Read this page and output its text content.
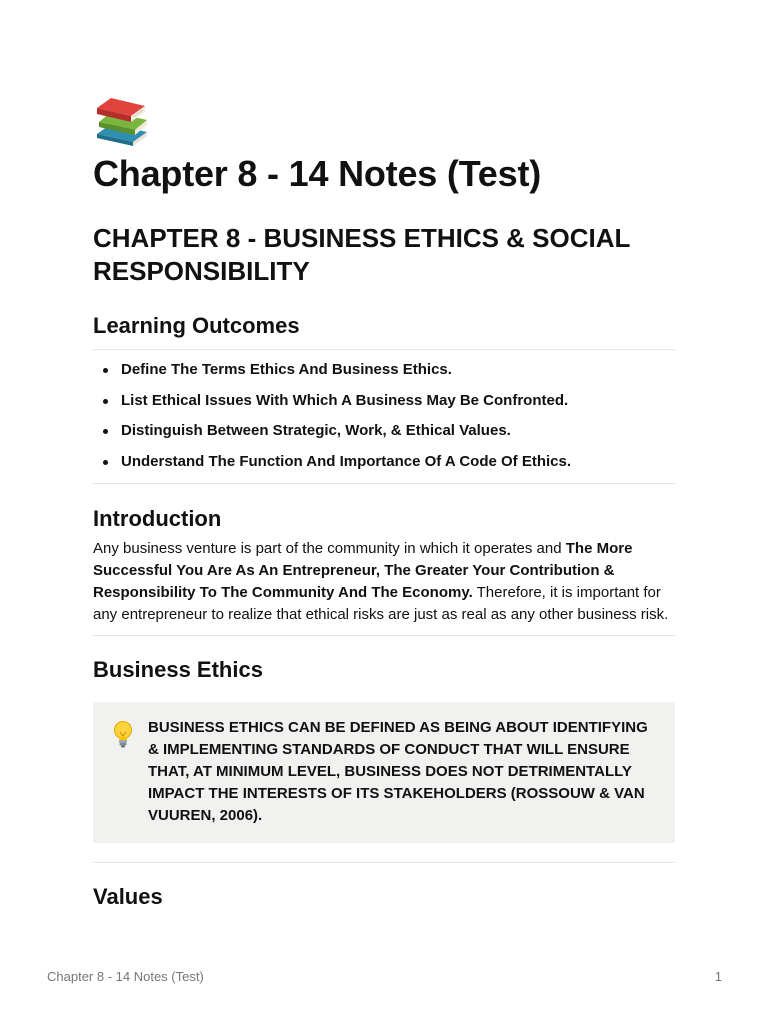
Chapter 8 - 14 Notes (Test)
CHAPTER 8 - BUSINESS ETHICS & SOCIAL RESPONSIBILITY
Learning Outcomes
Define The Terms Ethics And Business Ethics.
List Ethical Issues With Which A Business May Be Confronted.
Distinguish Between Strategic, Work, & Ethical Values.
Understand The Function And Importance Of A Code Of Ethics.
Introduction

Any business venture is part of the community in which it operates and The More Successful You Are As An Entrepreneur, The Greater Your Contribution & Responsibility To The Community And The Economy. Therefore, it is important for any entrepreneur to realize that ethical risks are just as real as any other business risk.

Business Ethics
BUSINESS ETHICS CAN BE DEFINED AS BEING ABOUT IDENTIFYING & IMPLEMENTING STANDARDS OF CONDUCT THAT WILL ENSURE THAT, AT MINIMUM LEVEL, BUSINESS DOES NOT DETRIMENTALLY IMPACT THE INTERESTS OF ITS STAKEHOLDERS (ROSSOUW & VAN VUUREN, 2006).
Values
Chapter 8 - 14 Notes (Test)	1
